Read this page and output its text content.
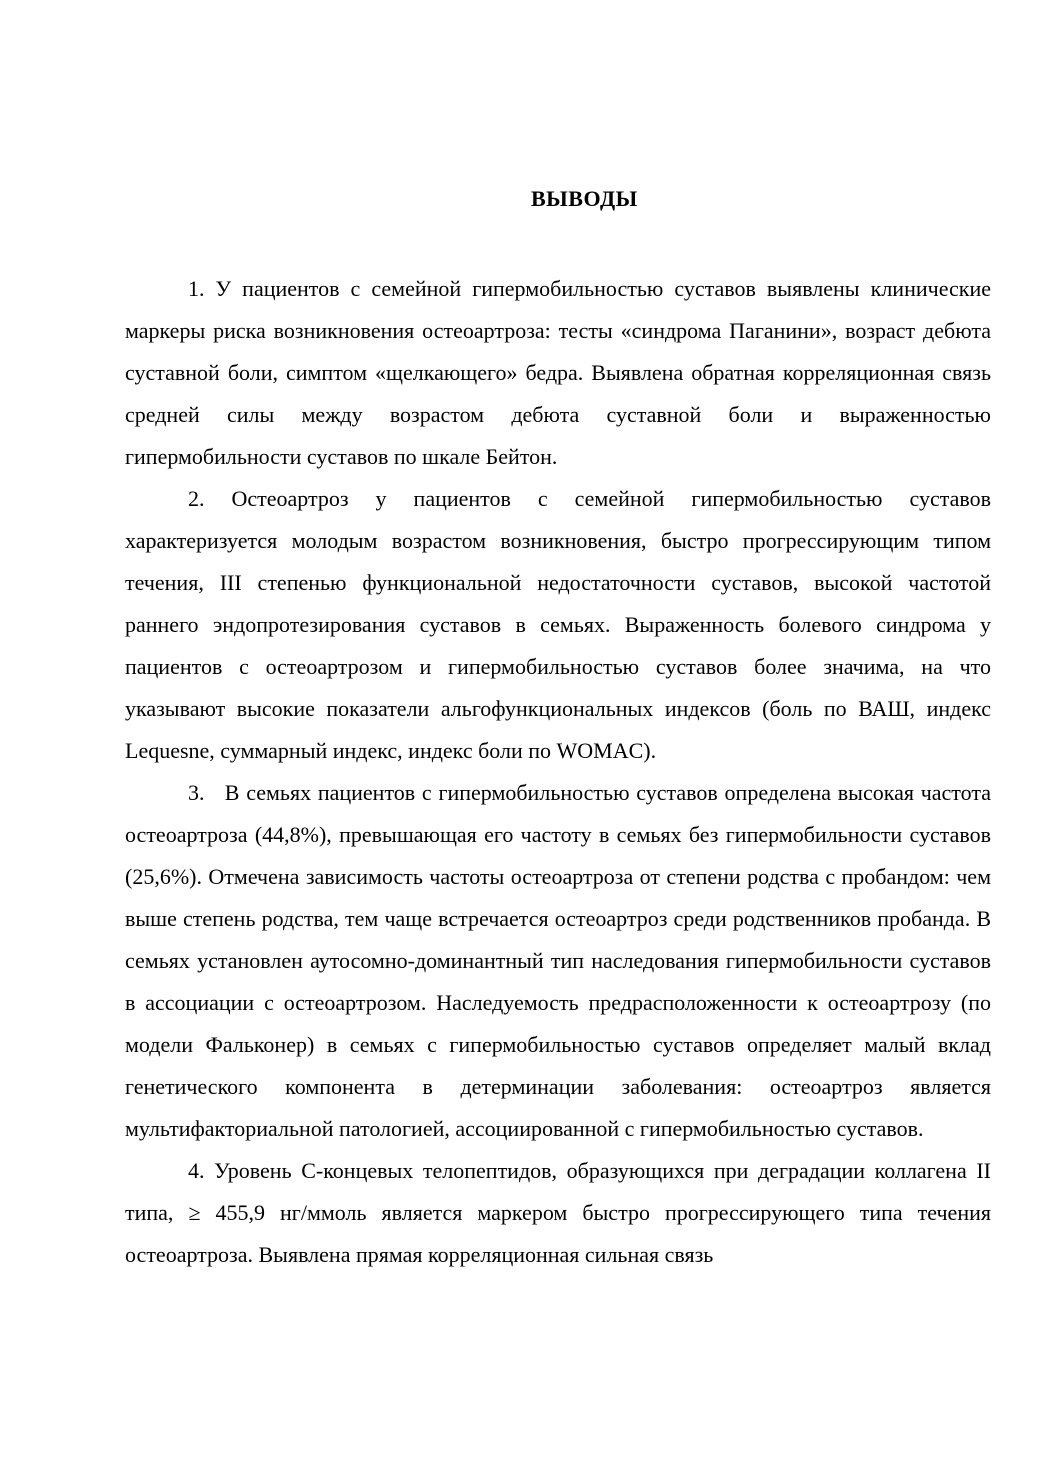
ВЫВОДЫ

1. У пациентов с семейной гипермобильностью суставов выявлены клинические маркеры риска возникновения остеоартроза: тесты «синдрома Паганини», возраст дебюта суставной боли, симптом «щелкающего» бедра. Выявлена обратная корреляционная связь средней силы между возрастом дебюта суставной боли и выраженностью гипермобильности суставов по шкале Бейтон.

2. Остеоартроз у пациентов с семейной гипермобильностью суставов характеризуется молодым возрастом возникновения, быстро прогрессирующим типом течения, III степенью функциональной недостаточности суставов, высокой частотой раннего эндопротезирования суставов в семьях. Выраженность болевого синдрома у пациентов с остеоартрозом и гипермобильностью суставов более значима, на что указывают высокие показатели альгофункциональных индексов (боль по ВАШ, индекс Lequesne, суммарный индекс, индекс боли по WOMAC).

3.   В семьях пациентов с гипермобильностью суставов определена высокая частота остеоартроза (44,8%), превышающая его частоту в семьях без гипермобильности суставов (25,6%). Отмечена зависимость частоты остеоартроза от степени родства с пробандом: чем выше степень родства, тем чаще встречается остеоартроз среди родственников пробанда. В семьях установлен аутосомно-доминантный тип наследования гипермобильности суставов в ассоциации с остеоартрозом. Наследуемость предрасположенности к остеоартрозу (по модели Фальконер) в семьях с гипермобильностью суставов определяет малый вклад генетического компонента в детерминации заболевания: остеоартроз является мультифакториальной патологией, ассоциированной с гипермобильностью суставов.

4. Уровень С-концевых телопептидов, образующихся при деградации коллагена II типа, ≥ 455,9 нг/ммоль является маркером быстро прогрессирующего типа течения остеоартроза. Выявлена прямая корреляционная сильная связь
